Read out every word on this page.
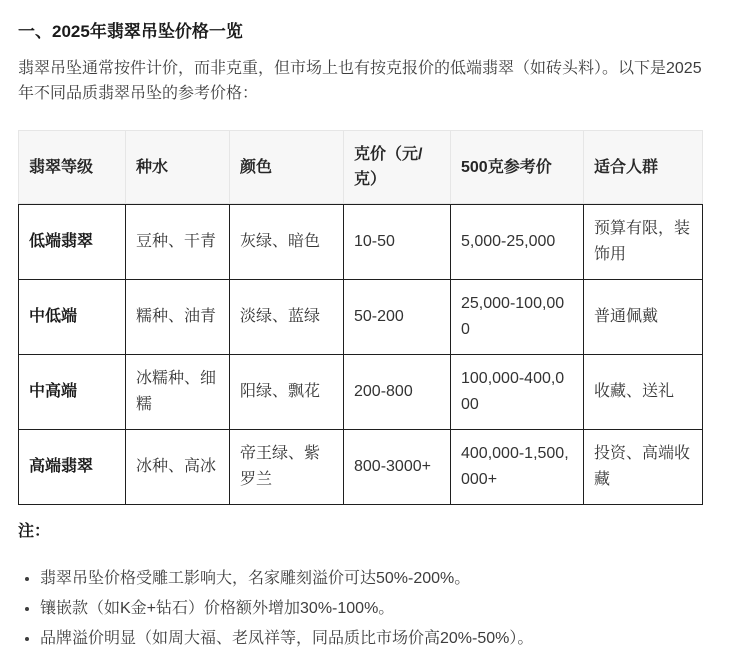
一、2025年翡翠吊坠价格一览

翡翠吊坠通常按件计价，而非克重，但市场上也有按克报价的低端翡翠（如砖头料）。以下是2025年不同品质翡翠吊坠的参考价格：

翡翠等级	种水	颜色	克价（元/克）	500克参考价	适合人群
低端翡翠	豆种、干青	灰绿、暗色	10-50	5,000-25,000	预算有限，装饰用
中低端	糯种、油青	淡绿、蓝绿	50-200	25,000-100,000	普通佩戴
中高端	冰糯种、细糯	阳绿、飘花	200-800	100,000-400,000	收藏、送礼
高端翡翠	冰种、高冰	帝王绿、紫罗兰	800-3000+	400,000-1,500,000+	投资、高端收藏

注：

• 翡翠吊坠价格受雕工影响大，名家雕刻溢价可达50%-200%。
• 镶嵌款（如K金+钻石）价格额外增加30%-100%。
• 品牌溢价明显（如周大福、老凤祥等，同品质比市场价高20%-50%）。
